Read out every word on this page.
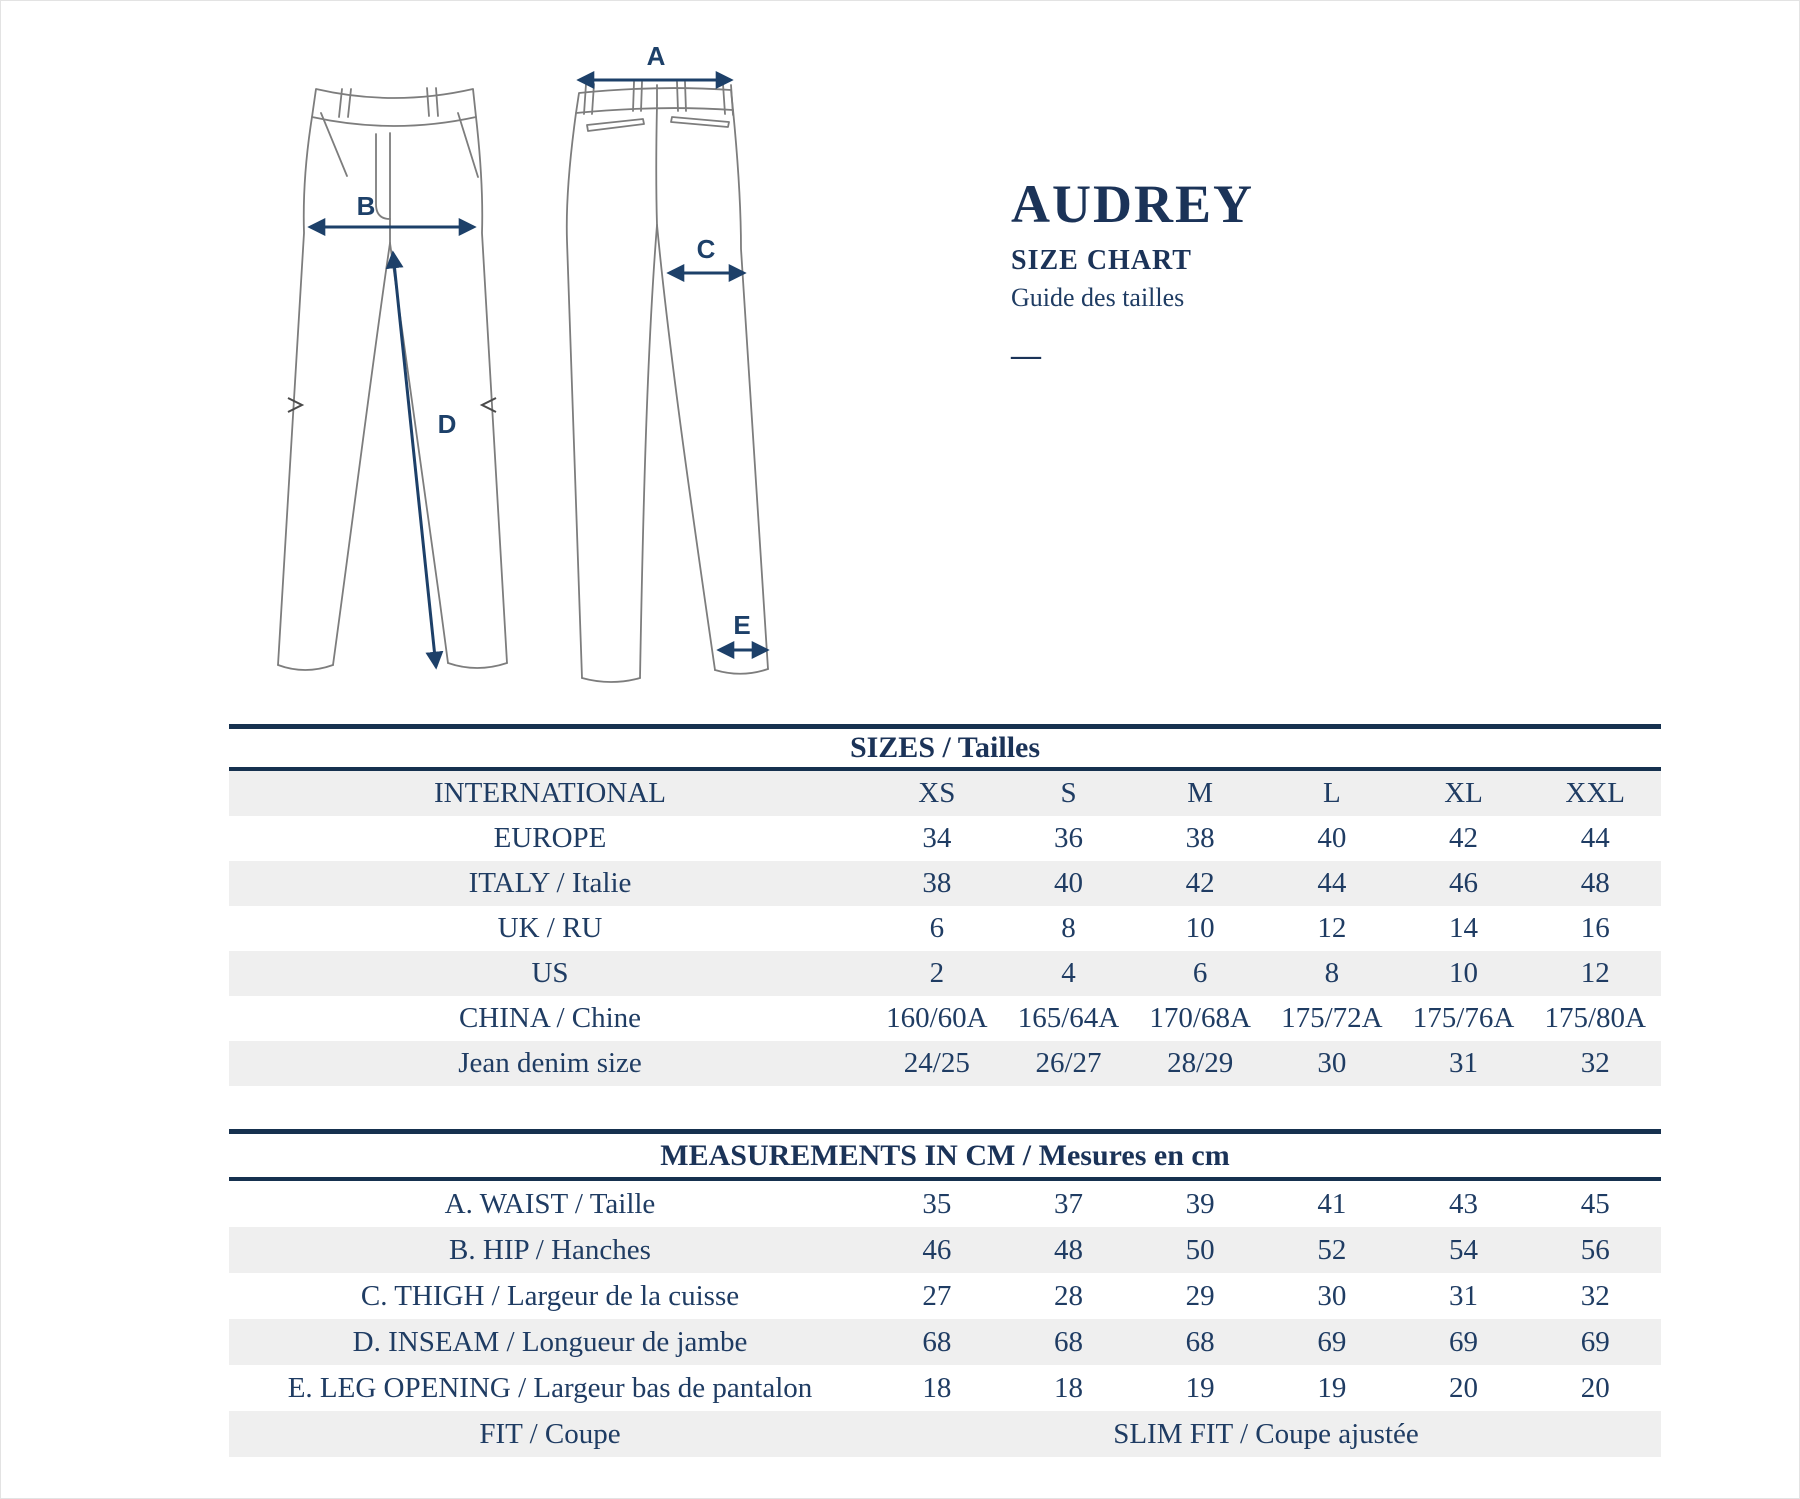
A
B
C
D
E
AUDREY
SIZE CHART
Guide des tailles
—
SIZES / Tailles
INTERNATIONAL	XS	S	M	L	XL	XXL
EUROPE	34	36	38	40	42	44
ITALY / Italie	38	40	42	44	46	48
UK / RU	6	8	10	12	14	16
US	2	4	6	8	10	12
CHINA / Chine	160/60A	165/64A	170/68A	175/72A	175/76A	175/80A
Jean denim size	24/25	26/27	28/29	30	31	32
MEASUREMENTS IN CM / Mesures en cm
A. WAIST / Taille	35	37	39	41	43	45
B. HIP / Hanches	46	48	50	52	54	56
C. THIGH / Largeur de la cuisse	27	28	29	30	31	32
D. INSEAM / Longueur de jambe	68	68	68	69	69	69
E. LEG OPENING / Largeur bas de pantalon	18	18	19	19	20	20
FIT / Coupe	SLIM FIT / Coupe ajustée
